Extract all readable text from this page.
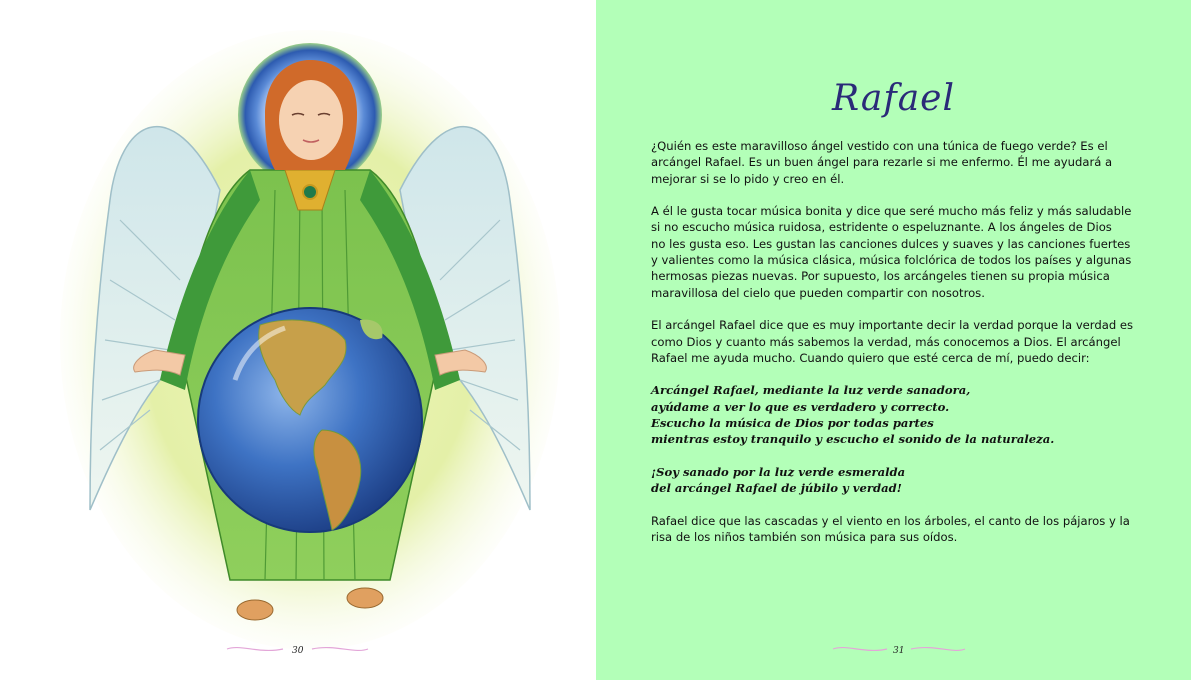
30
Rafael

¿Quién es este maravilloso ángel vestido con una túnica de fuego verde? Es el
arcángel Rafael. Es un buen ángel para rezarle si me enfermo. Él me ayudará a
mejorar si se lo pido y creo en él.

A él le gusta tocar música bonita y dice que seré mucho más feliz y más saludable
si no escucho música ruidosa, estridente o espeluznante. A los ángeles de Dios
no les gusta eso. Les gustan las canciones dulces y suaves y las canciones fuertes
y valientes como la música clásica, música folclórica de todos los países y algunas
hermosas piezas nuevas. Por supuesto, los arcángeles tienen su propia música
maravillosa del cielo que pueden compartir con nosotros.

El arcángel Rafael dice que es muy importante decir la verdad porque la verdad es
como Dios y cuanto más sabemos la verdad, más conocemos a Dios. El arcángel
Rafael me ayuda mucho. Cuando quiero que esté cerca de mí, puedo decir:

Arcángel Rafael, mediante la luz verde sanadora,
ayúdame a ver lo que es verdadero y correcto.
Escucho la música de Dios por todas partes
mientras estoy tranquilo y escucho el sonido de la naturaleza.

¡Soy sanado por la luz verde esmeralda
del arcángel Rafael de júbilo y verdad!

Rafael dice que las cascadas y el viento en los árboles, el canto de los pájaros y la
risa de los niños también son música para sus oídos.

31
